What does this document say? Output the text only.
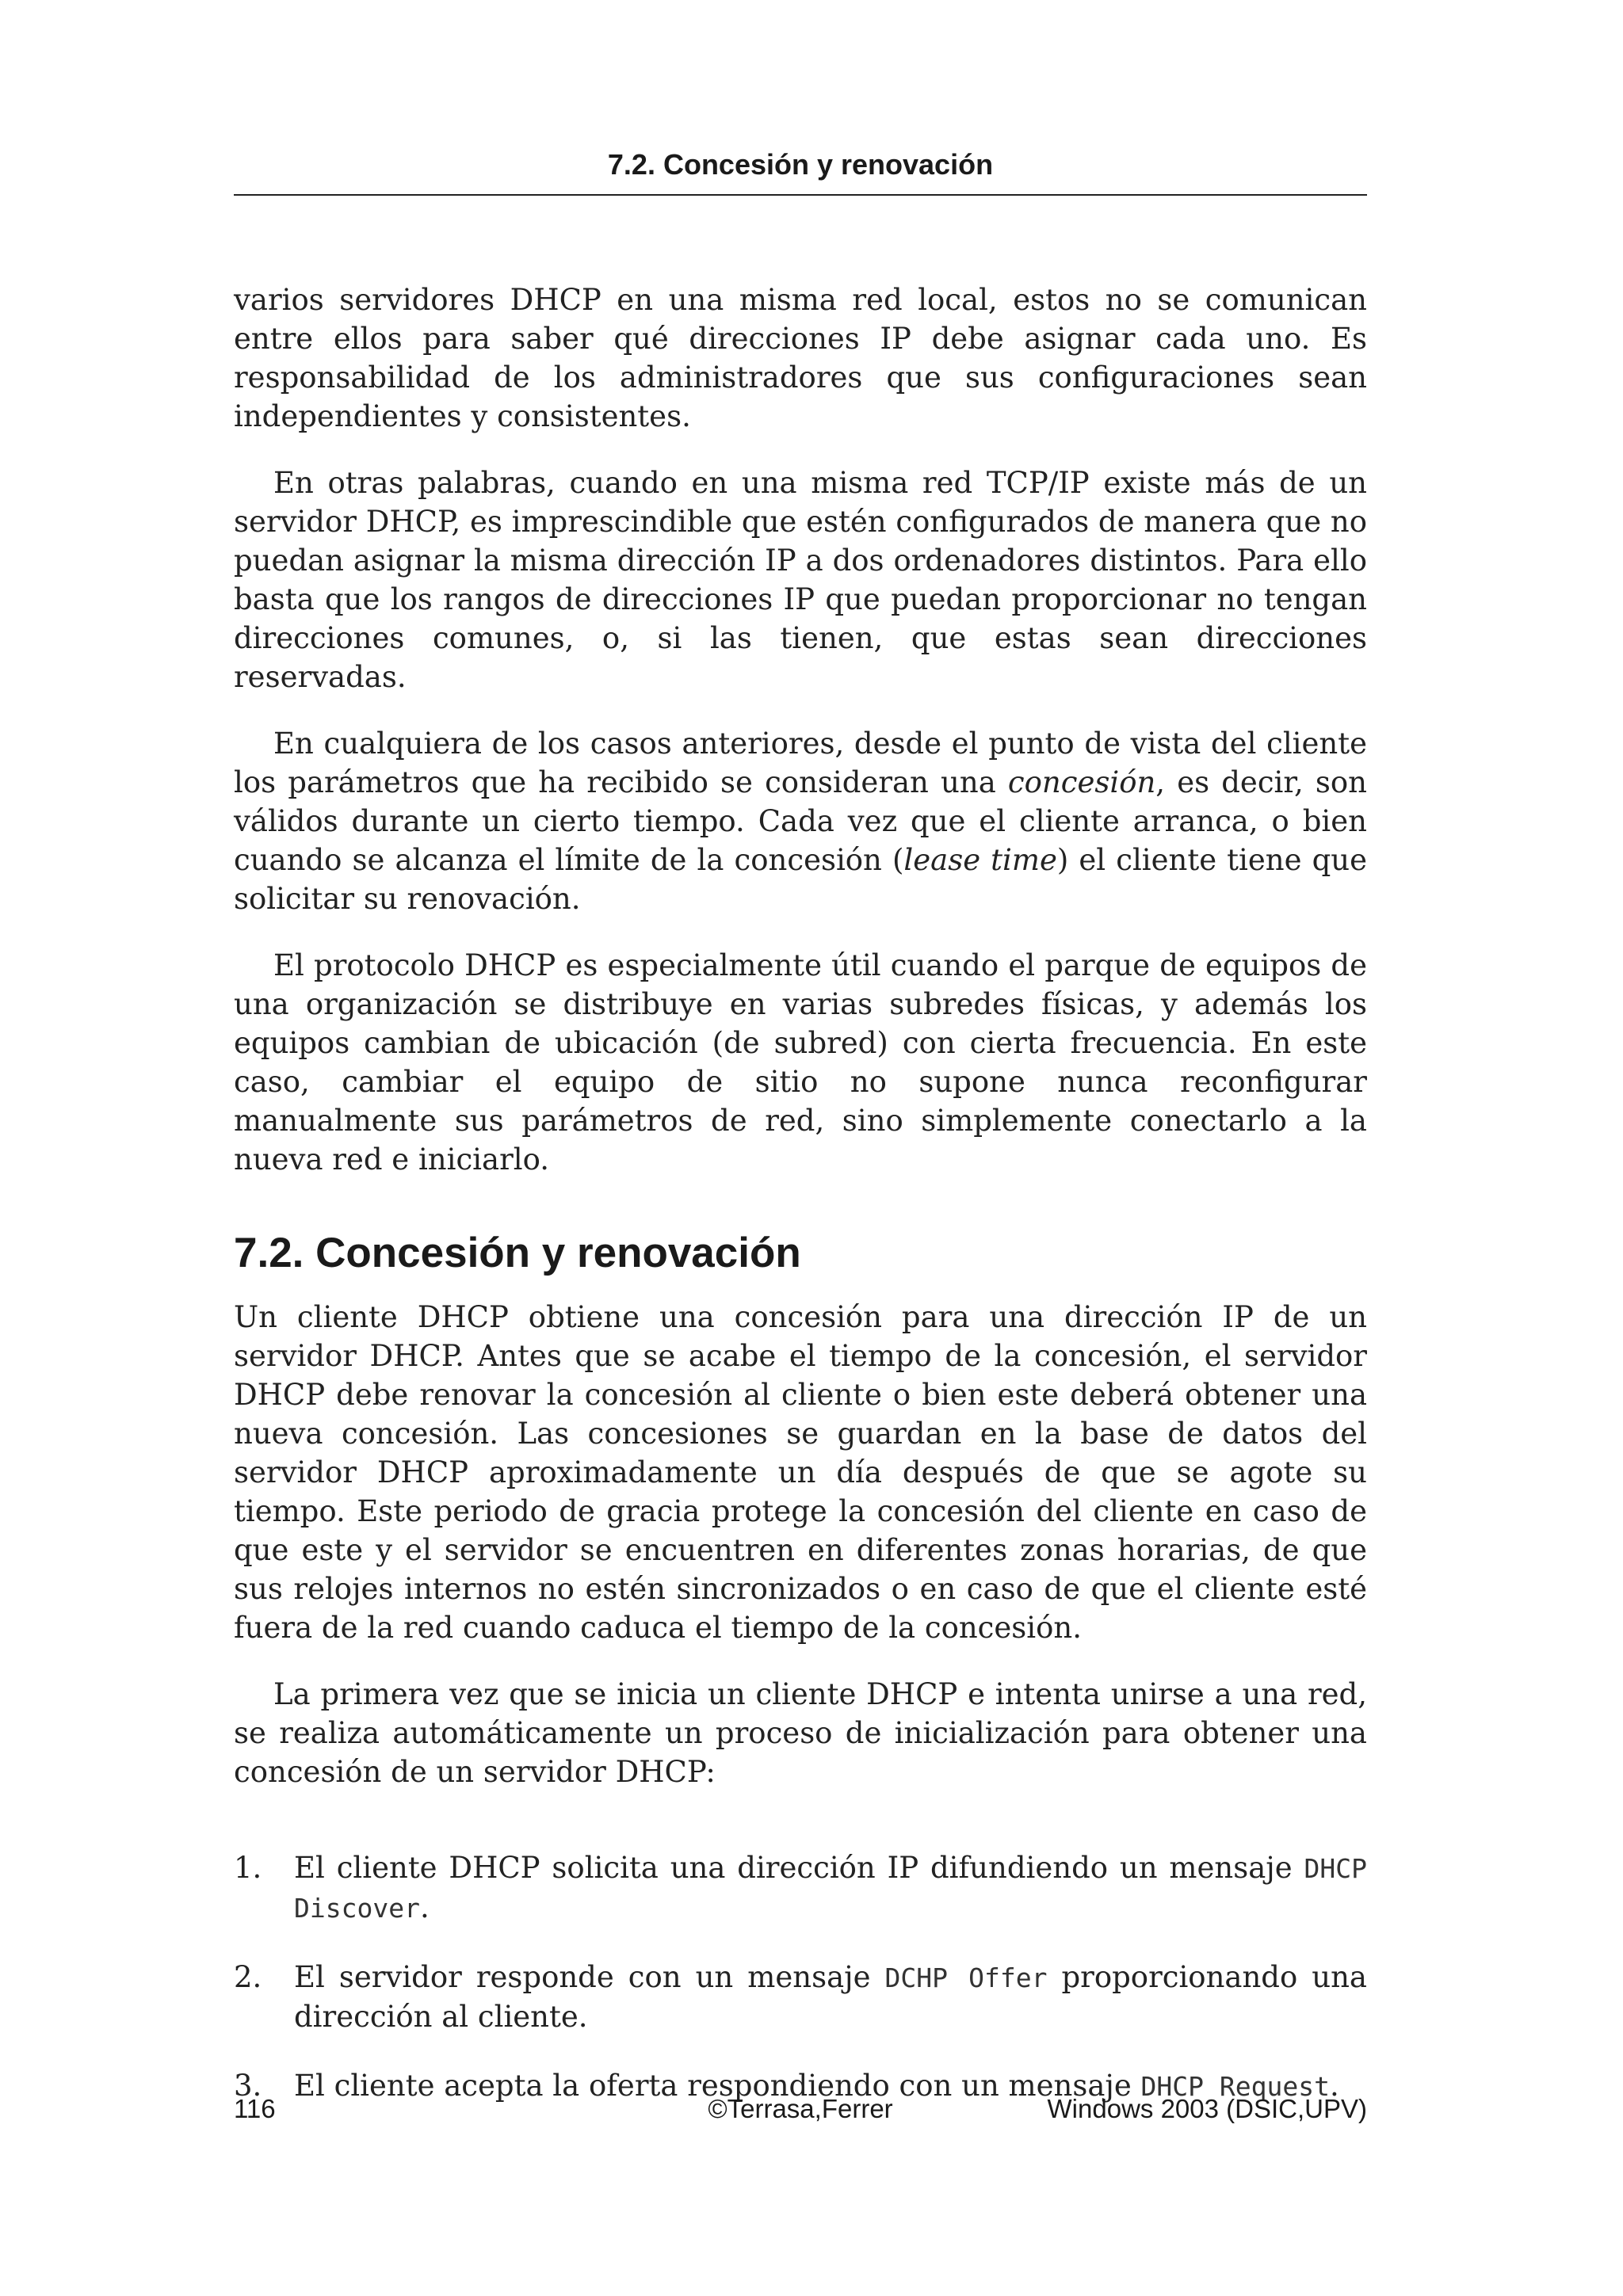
7.2. Concesión y renovación

varios servidores DHCP en una misma red local, estos no se comunican entre ellos para saber qué direcciones IP debe asignar cada uno. Es responsabilidad de los administradores que sus configuraciones sean independientes y consistentes.

En otras palabras, cuando en una misma red TCP/IP existe más de un servidor DHCP, es imprescindible que estén configurados de manera que no puedan asignar la misma dirección IP a dos ordenadores distintos. Para ello basta que los rangos de direcciones IP que puedan proporcionar no tengan direcciones comunes, o, si las tienen, que estas sean direcciones reservadas.

En cualquiera de los casos anteriores, desde el punto de vista del cliente los parámetros que ha recibido se consideran una concesión, es decir, son válidos durante un cierto tiempo. Cada vez que el cliente arranca, o bien cuando se alcanza el límite de la concesión (lease time) el cliente tiene que solicitar su renovación.

El protocolo DHCP es especialmente útil cuando el parque de equipos de una organización se distribuye en varias subredes físicas, y además los equipos cambian de ubicación (de subred) con cierta frecuencia. En este caso, cambiar el equipo de sitio no supone nunca reconfigurar manualmente sus parámetros de red, sino simplemente conectarlo a la nueva red e iniciarlo.

7.2. Concesión y renovación

Un cliente DHCP obtiene una concesión para una dirección IP de un servidor DHCP. Antes que se acabe el tiempo de la concesión, el servidor DHCP debe renovar la concesión al cliente o bien este deberá obtener una nueva concesión. Las concesiones se guardan en la base de datos del servidor DHCP aproximadamente un día después de que se agote su tiempo. Este periodo de gracia protege la concesión del cliente en caso de que este y el servidor se encuentren en diferentes zonas horarias, de que sus relojes internos no estén sincronizados o en caso de que el cliente esté fuera de la red cuando caduca el tiempo de la concesión.

La primera vez que se inicia un cliente DHCP e intenta unirse a una red, se realiza automáticamente un proceso de inicialización para obtener una concesión de un servidor DHCP:

1. El cliente DHCP solicita una dirección IP difundiendo un mensaje DHCP Discover.
2. El servidor responde con un mensaje DCHP Offer proporcionando una dirección al cliente.
3. El cliente acepta la oferta respondiendo con un mensaje DHCP Request.
116	©Terrasa,Ferrer	Windows 2003 (DSIC,UPV)
